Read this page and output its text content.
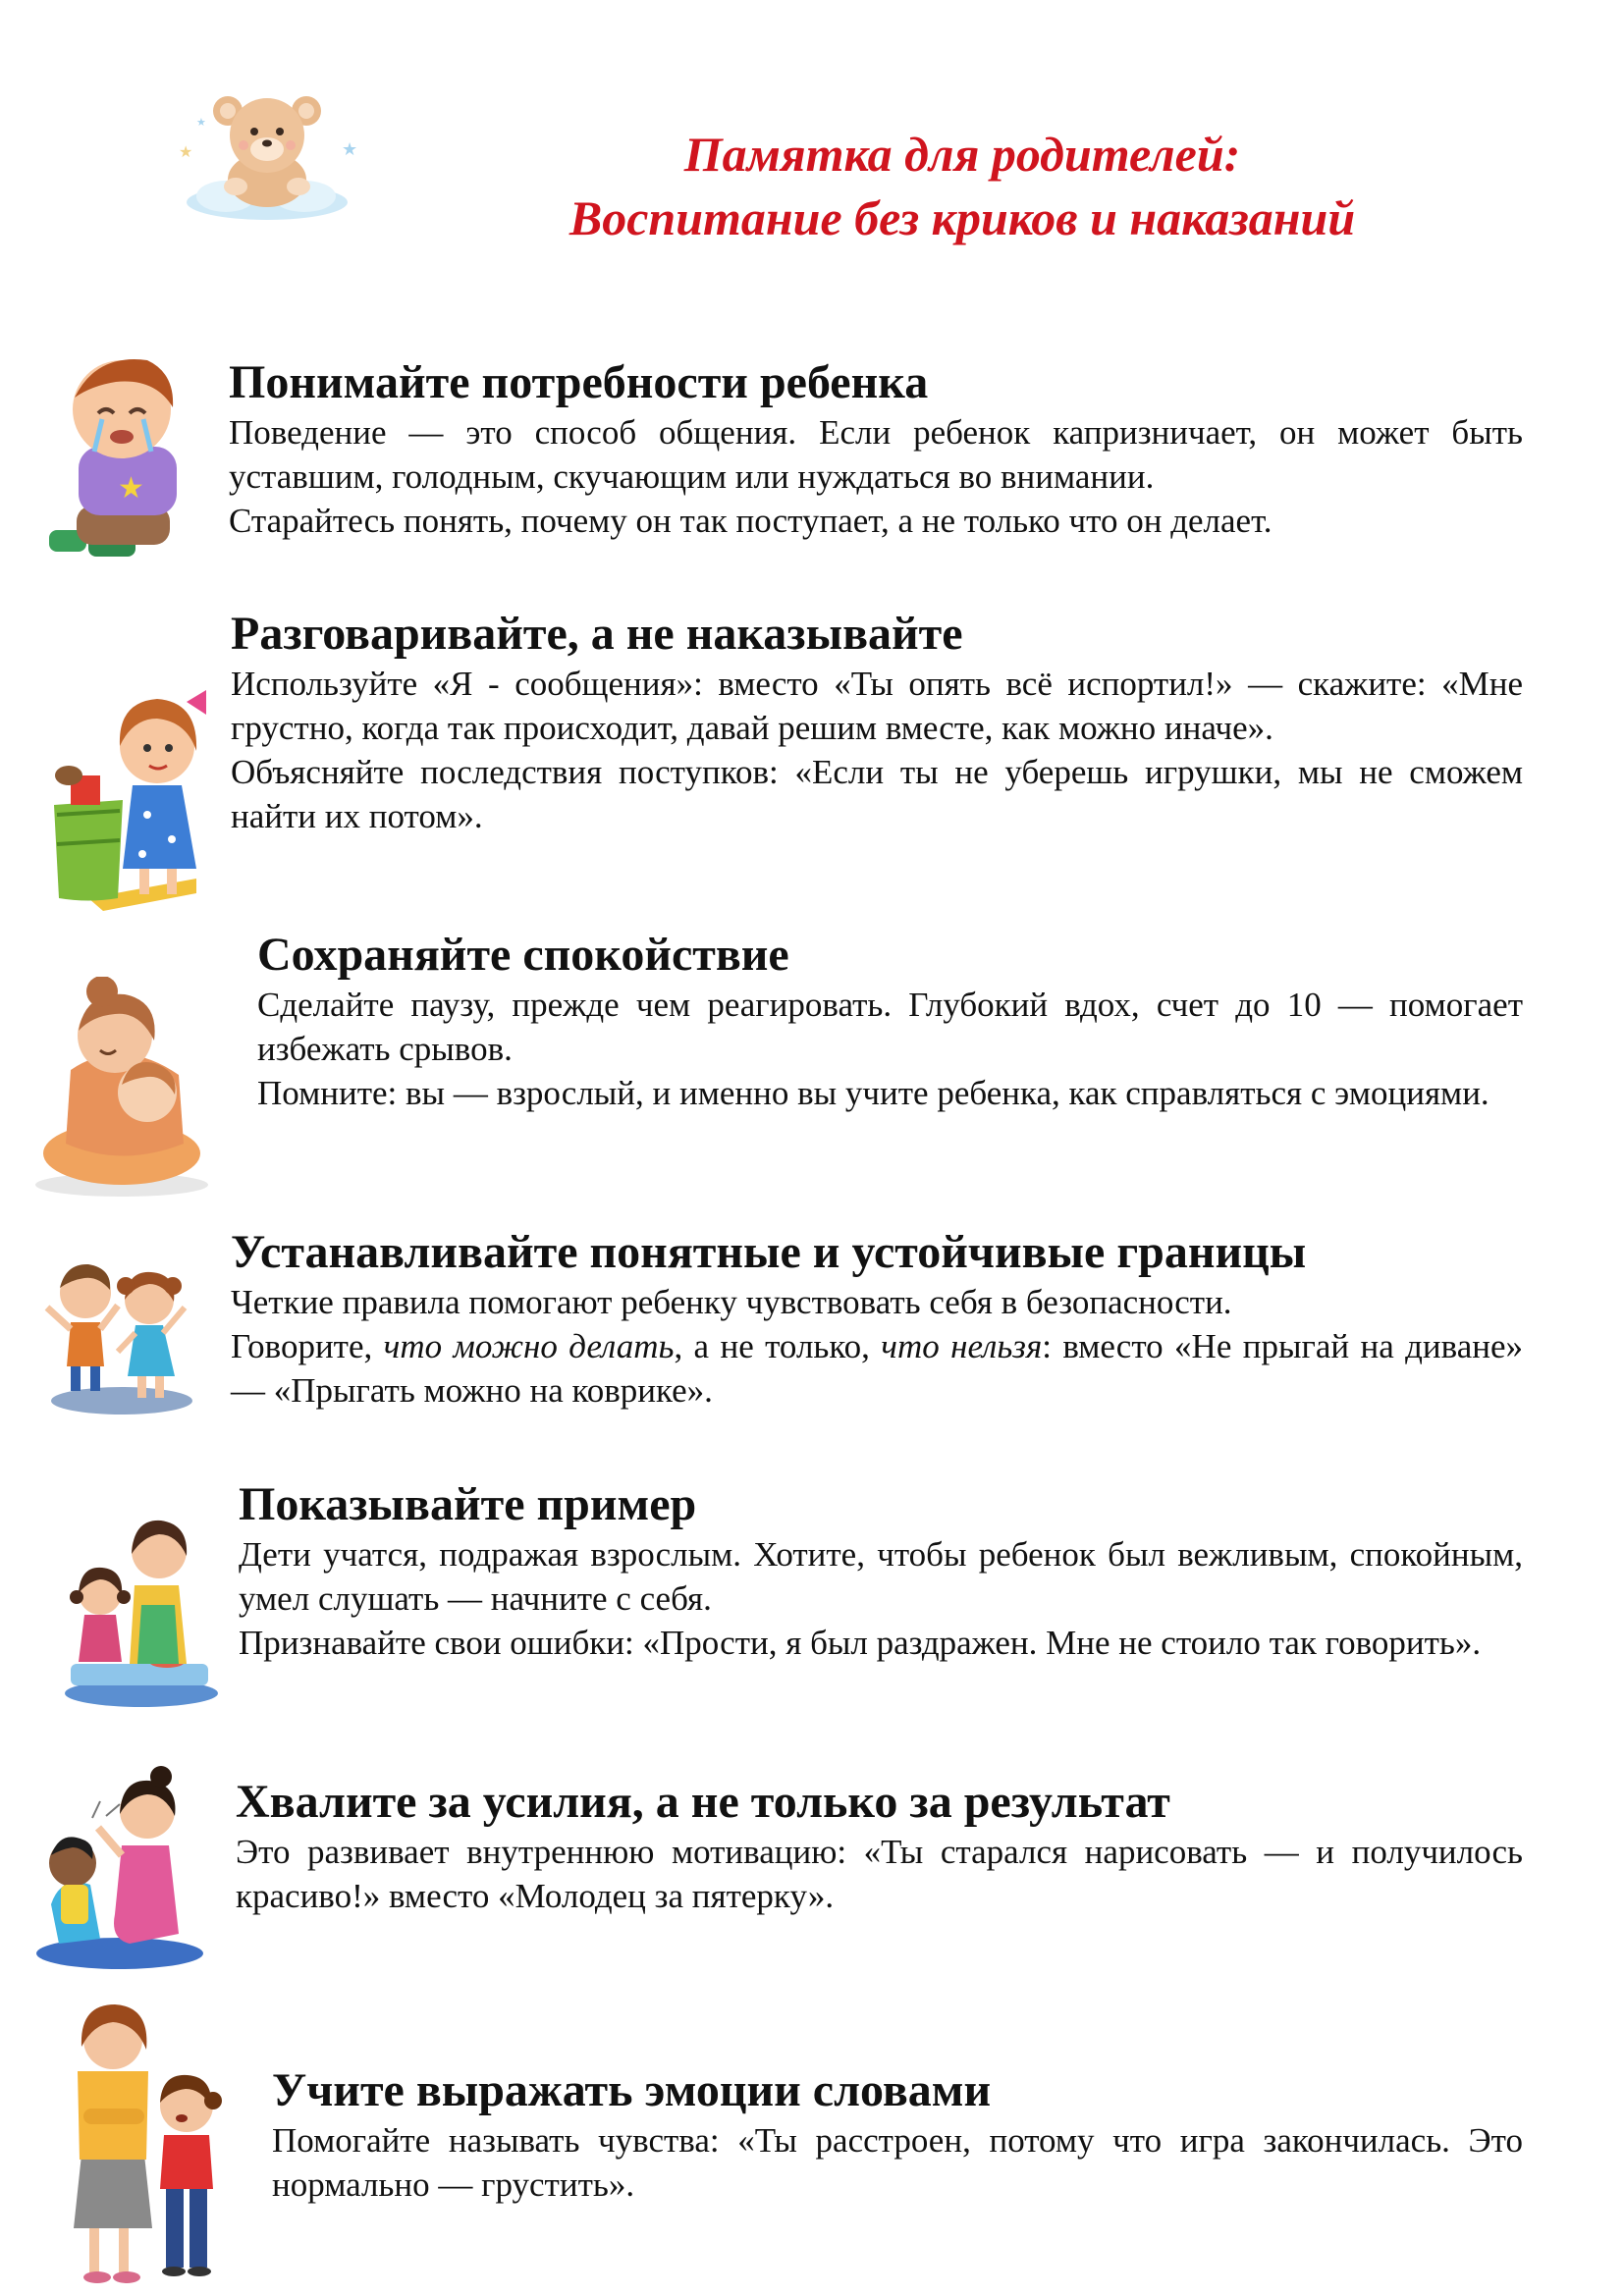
★	★
★
Памятка для родителей:
Воспитание без криков и наказаний
★
Понимайте потребности ребенка

Поведение — это способ общения. Если ребенок капризничает, он может быть уставшим, голодным, скучающим или нуждаться во внимании.

Старайтесь понять, почему он так поступает, а не только что он делает.

Разговаривайте, а не наказывайте

Используйте «Я - сообщения»: вместо «Ты опять всё испортил!» — скажите: «Мне грустно, когда так происходит, давай решим вместе, как можно иначе».

Объясняйте последствия поступков: «Если ты не уберешь игрушки, мы не сможем найти их потом».

Сохраняйте спокойствие

Сделайте паузу, прежде чем реагировать. Глубокий вдох, счет до 10 — помогает избежать срывов.

Помните: вы — взрослый, и именно вы учите ребенка, как справляться с эмоциями.

Устанавливайте понятные и устойчивые границы

Четкие правила помогают ребенку чувствовать себя в безопасности.

Говорите, что можно делать, а не только, что нельзя: вместо «Не прыгай на диване» — «Прыгать можно на коврике».

Показывайте пример

Дети учатся, подражая взрослым. Хотите, чтобы ребенок был вежливым, спокойным, умел слушать — начните с себя.

Признавайте свои ошибки: «Прости, я был раздражен. Мне не стоило так говорить».

Хвалите за усилия, а не только за результат

Это развивает внутреннюю мотивацию: «Ты старался нарисовать — и получилось красиво!» вместо «Молодец за пятерку».

Учите выражать эмоции словами

Помогайте называть чувства: «Ты расстроен, потому что игра закончилась. Это нормально — грустить».
